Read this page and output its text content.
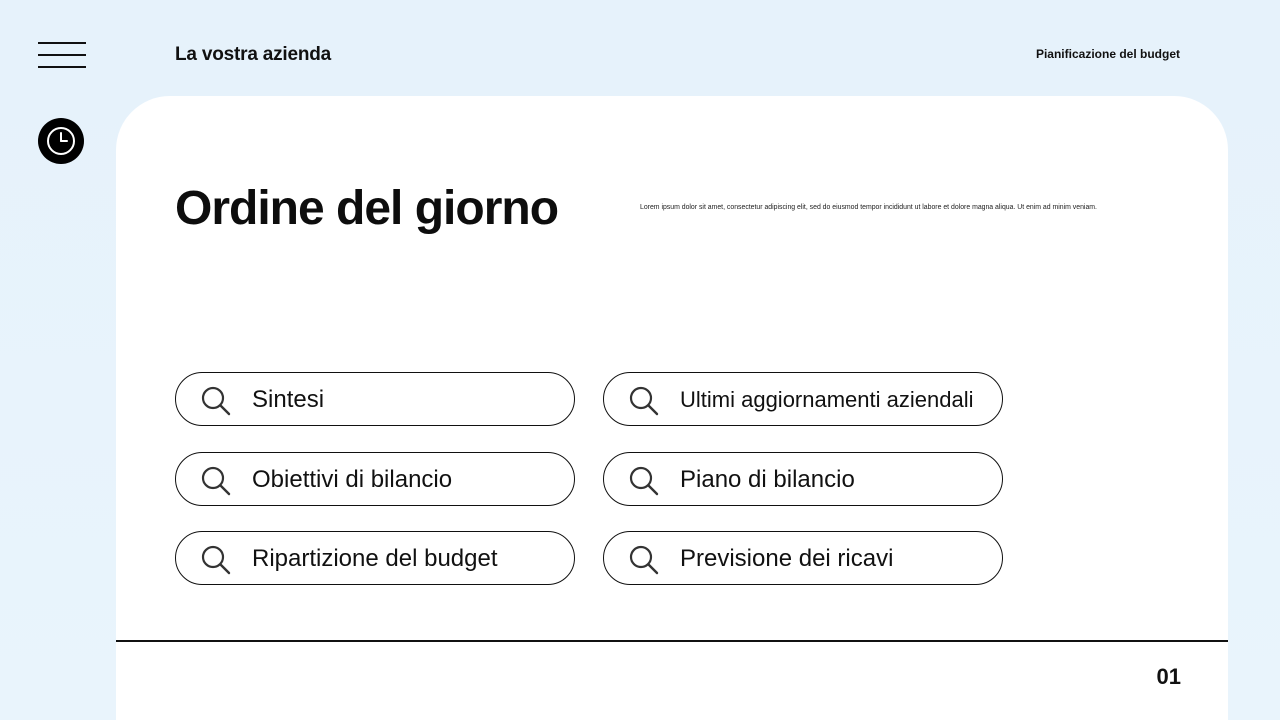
La vostra azienda	Pianificazione del budget
Ordine del giorno	Lorem ipsum dolor sit amet, consectetur adipiscing elit, sed do eiusmod tempor incididunt ut labore et dolore magna aliqua. Ut enim ad minim veniam.
Sintesi	Ultimi aggiornamenti aziendali
Obiettivi di bilancio	Piano di bilancio
Ripartizione del budget	Previsione dei ricavi
01
